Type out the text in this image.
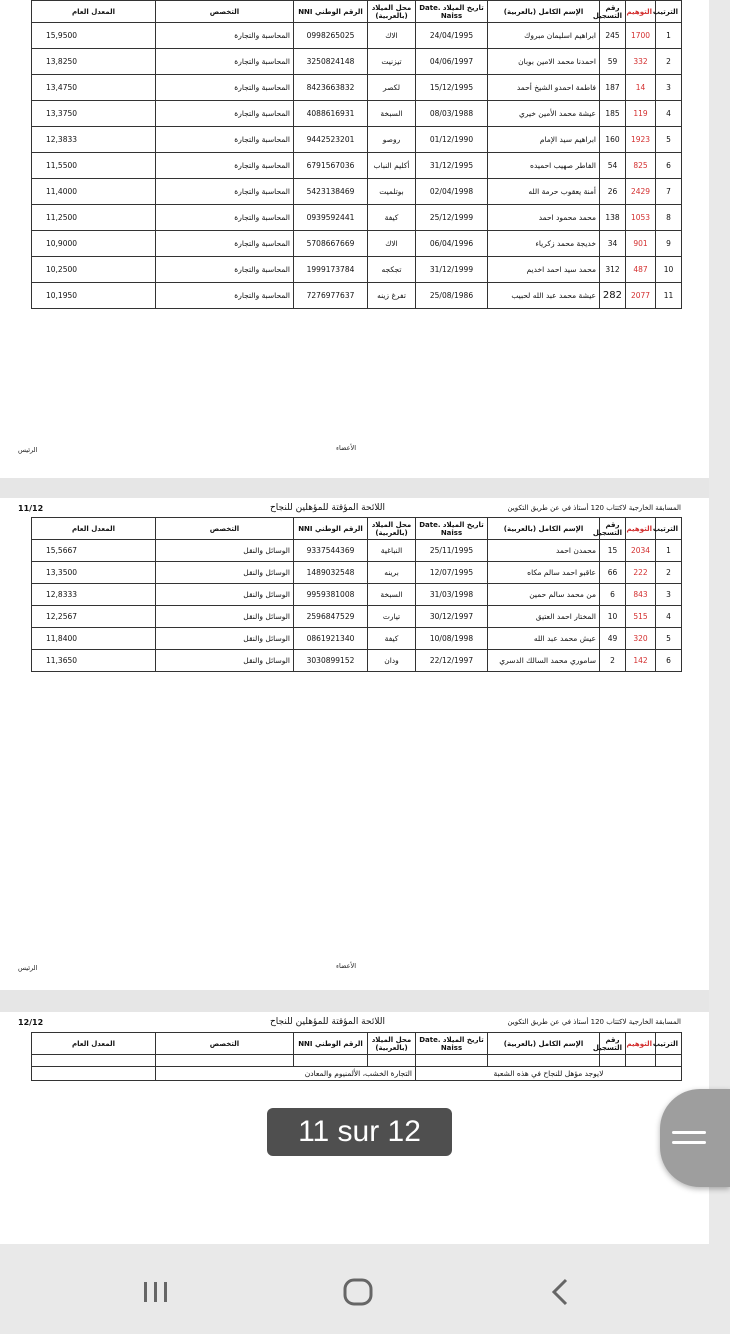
الترتيب	التوهيم	رقم التسجيل	الإسم الكامل (بالعربية)	تاريخ الميلاد .Date Naiss	محل الميلاد (بالعربية)	الرقم الوطني NNI	التخصص	المعدل العام
1	1700	245	ابراهيم اسليمان مبروك	24/04/1995	الاك	0998265025	المحاسبة والتجارة	15,9500
2	332	59	احمدنا محمد الامين بوبان	04/06/1997	تيزنيت	3250824148	المحاسبة والتجارة	13,8250
3	14	187	فاطمة احمدو الشيخ أحمد	15/12/1995	لكصر	8423663832	المحاسبة والتجارة	13,4750
4	119	185	عيشة محمد الأمين خيري	08/03/1988	السبخة	4088616931	المحاسبة والتجارة	13,3750
5	1923	160	ابراهيم سيد الإمام	01/12/1990	روصو	9442523201	المحاسبة والتجارة	12,3833
6	825	54	الفاطر صهيب احميده	31/12/1995	أكليم النباب	6791567036	المحاسبة والتجارة	11,5500
7	2429	26	أمنة يعقوب حرمة الله	02/04/1998	بوتلميت	5423138469	المحاسبة والتجارة	11,4000
8	1053	138	محمد محمود احمد	25/12/1999	كيفة	0939592441	المحاسبة والتجارة	11,2500
9	901	34	خديجة محمد زكرياء	06/04/1996	الاك	5708667669	المحاسبة والتجارة	10,9000
10	487	312	محمد سيد احمد اخديم	31/12/1999	تجكجه	1999173784	المحاسبة والتجارة	10,2500
11	2077	282	عيشة محمد عبد الله لحبيب	25/08/1986	تفرغ زينه	7276977637	المحاسبة والتجارة	10,1950
الأعضاء
الرئيس
المسابقة الخارجية لاكتتاب 120 أستاذ في عن طريق التكوين
اللائحة المؤقتة للمؤهلين للنجاح
11/12
الترتيب	التوهيم	رقم التسجيل	الإسم الكامل (بالعربية)	تاريخ الميلاد .Date Naiss	محل الميلاد (بالعربية)	الرقم الوطني NNI	التخصص	المعدل العام
1	2034	15	محمدن احمد	25/11/1995	النباغية	9337544369	الوسائل والنقل	15,5667
2	222	66	عاقبو احمد سالم مكاه	12/07/1995	برينه	1489032548	الوسائل والنقل	13,3500
3	843	6	من محمد سالم حمين	31/03/1998	السبخة	9959381008	الوسائل والنقل	12,8333
4	515	10	المختار احمد العتيق	30/12/1997	تيارت	2596847529	الوسائل والنقل	12,2567
5	320	49	عيش محمد عبد الله	10/08/1998	كيفة	0861921340	الوسائل والنقل	11,8400
6	142	2	ساموري محمد السالك الدسري	22/12/1997	ودان	3030899152	الوسائل والنقل	11,3650
الأعضاء
الرئيس
المسابقة الخارجية لاكتتاب 120 أستاذ في عن طريق التكوين
اللائحة المؤقتة للمؤهلين للنجاح
12/12
الترتيب	التوهيم	رقم التسجيل	الإسم الكامل (بالعربية)	تاريخ الميلاد .Date Naiss	محل الميلاد (بالعربية)	الرقم الوطني NNI	التخصص	المعدل العام

لايوجد مؤهل للنجاح في هذه الشعبة					التجارة الخشب، الألمنيوم والمعادن			
11 sur 12
